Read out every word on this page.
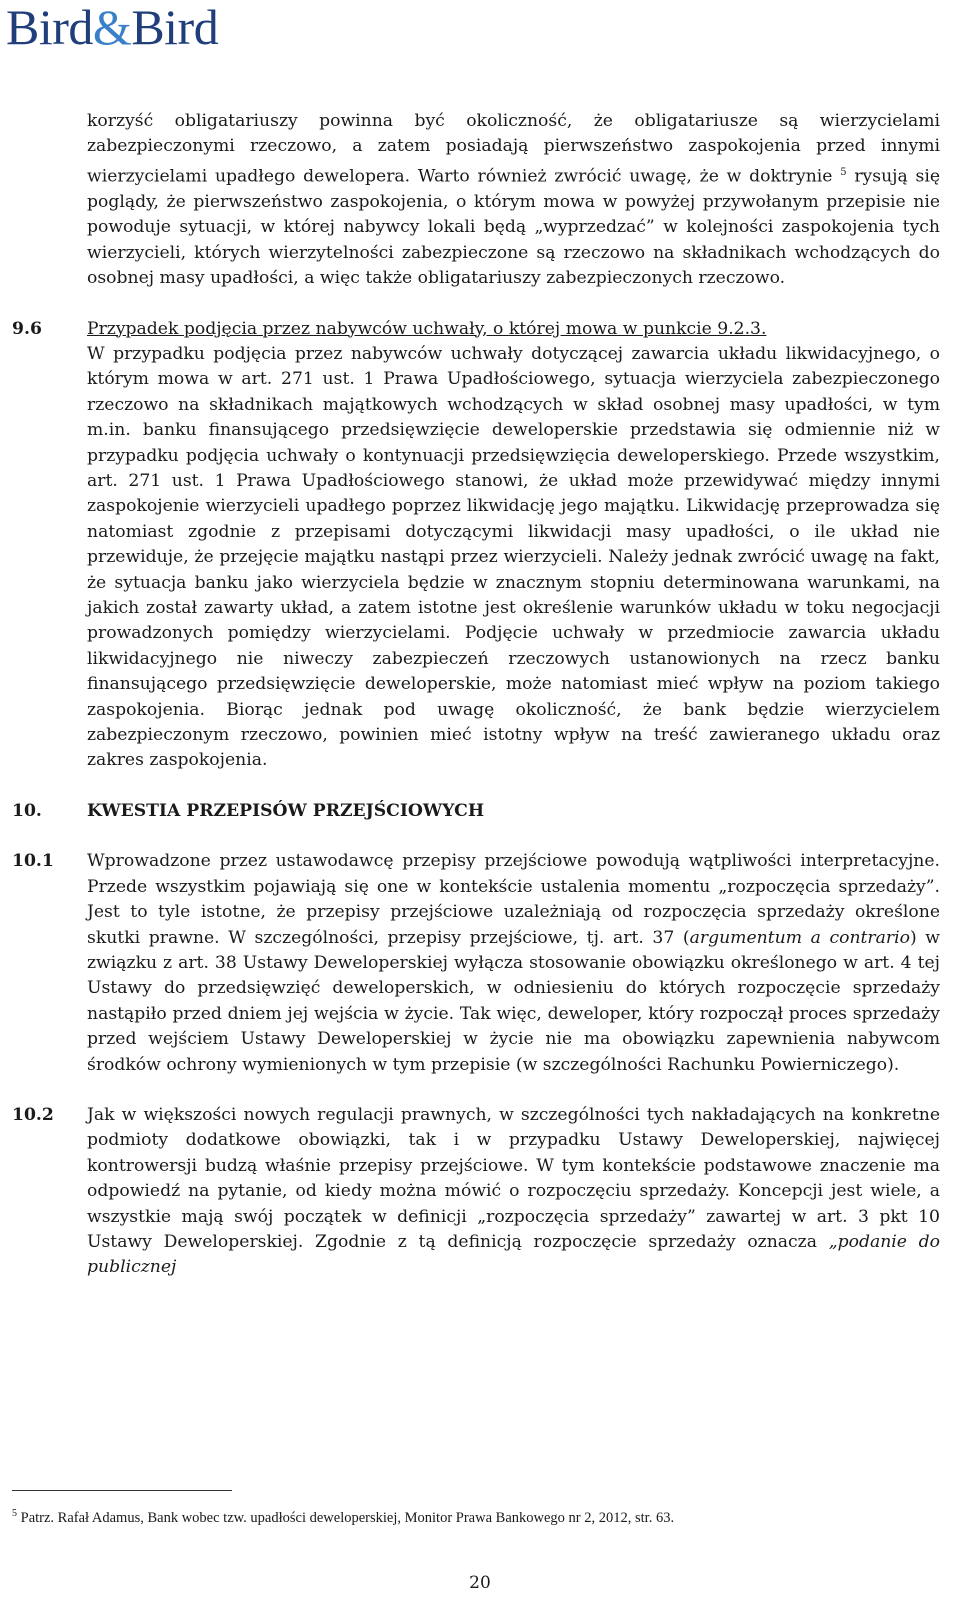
Bird&Bird

korzyść obligatariuszy powinna być okoliczność, że obligatariusze są wierzycielami zabezpieczonymi rzeczowo, a zatem posiadają pierwszeństwo zaspokojenia przed innymi wierzycielami upadłego dewelopera. Warto również zwrócić uwagę, że w doktrynie $^5$ rysują się poglądy, że pierwszeństwo zaspokojenia, o którym mowa w powyżej przywołanym przepisie nie powoduje sytuacji, w której nabywcy lokali będą „wyprzedzać” w kolejności zaspokojenia tych wierzycieli, których wierzytelności zabezpieczone są rzeczowo na składnikach wchodzących do osobnej masy upadłości, a więc także obligatariuszy zabezpieczonych rzeczowo.

9.6	Przypadek podjęcia przez nabywców uchwały, o której mowa w punkcie 9.2.3.

W przypadku podjęcia przez nabywców uchwały dotyczącej zawarcia układu likwidacyjnego, o którym mowa w art. 271 ust. 1 Prawa Upadłościowego, sytuacja wierzyciela zabezpieczonego rzeczowo na składnikach majątkowych wchodzących w skład osobnej masy upadłości, w tym m.in. banku finansującego przedsięwzięcie deweloperskie przedstawia się odmiennie niż w przypadku podjęcia uchwały o kontynuacji przedsięwzięcia deweloperskiego. Przede wszystkim, art. 271 ust. 1 Prawa Upadłościowego stanowi, że układ może przewidywać między innymi zaspokojenie wierzycieli upadłego poprzez likwidację jego majątku. Likwidację przeprowadza się natomiast zgodnie z przepisami dotyczącymi likwidacji masy upadłości, o ile układ nie przewiduje, że przejęcie majątku nastąpi przez wierzycieli. Należy jednak zwrócić uwagę na fakt, że sytuacja banku jako wierzyciela będzie w znacznym stopniu determinowana warunkami, na jakich został zawarty układ, a zatem istotne jest określenie warunków układu w toku negocjacji prowadzonych pomiędzy wierzycielami. Podjęcie uchwały w przedmiocie zawarcia układu likwidacyjnego nie niweczy zabezpieczeń rzeczowych ustanowionych na rzecz banku finansującego przedsięwzięcie deweloperskie, może natomiast mieć wpływ na poziom takiego zaspokojenia. Biorąc jednak pod uwagę okoliczność, że bank będzie wierzycielem zabezpieczonym rzeczowo, powinien mieć istotny wpływ na treść zawieranego układu oraz zakres zaspokojenia.

10.	KWESTIA PRZEPISÓW PRZEJŚCIOWYCH
10.1	Wprowadzone przez ustawodawcę przepisy przejściowe powodują wątpliwości interpretacyjne. Przede wszystkim pojawiają się one w kontekście ustalenia momentu „rozpoczęcia sprzedaży”. Jest to tyle istotne, że przepisy przejściowe uzależniają od rozpoczęcia sprzedaży określone skutki prawne. W szczególności, przepisy przejściowe, tj. art. 37 (argumentum a contrario) w związku z art. 38 Ustawy Deweloperskiej wyłącza stosowanie obowiązku określonego w art. 4 tej Ustawy do przedsięwzięć deweloperskich, w odniesieniu do których rozpoczęcie sprzedaży nastąpiło przed dniem jej wejścia w życie. Tak więc, deweloper, który rozpoczął proces sprzedaży przed wejściem Ustawy Deweloperskiej w życie nie ma obowiązku zapewnienia nabywcom środków ochrony wymienionych w tym przepisie (w szczególności Rachunku Powierniczego).

10.2	Jak w większości nowych regulacji prawnych, w szczególności tych nakładających na konkretne podmioty dodatkowe obowiązki, tak i w przypadku Ustawy Deweloperskiej, najwięcej kontrowersji budzą właśnie przepisy przejściowe. W tym kontekście podstawowe znaczenie ma odpowiedź na pytanie, od kiedy można mówić o rozpoczęciu sprzedaży. Koncepcji jest wiele, a wszystkie mają swój początek w definicji „rozpoczęcia sprzedaży” zawartej w art. 3 pkt 10 Ustawy Deweloperskiej. Zgodnie z tą definicją rozpoczęcie sprzedaży oznacza „podanie do publicznej

$^5$ Patrz. Rafał Adamus, Bank wobec tzw. upadłości deweloperskiej, Monitor Prawa Bankowego nr 2, 2012, str. 63.
20
